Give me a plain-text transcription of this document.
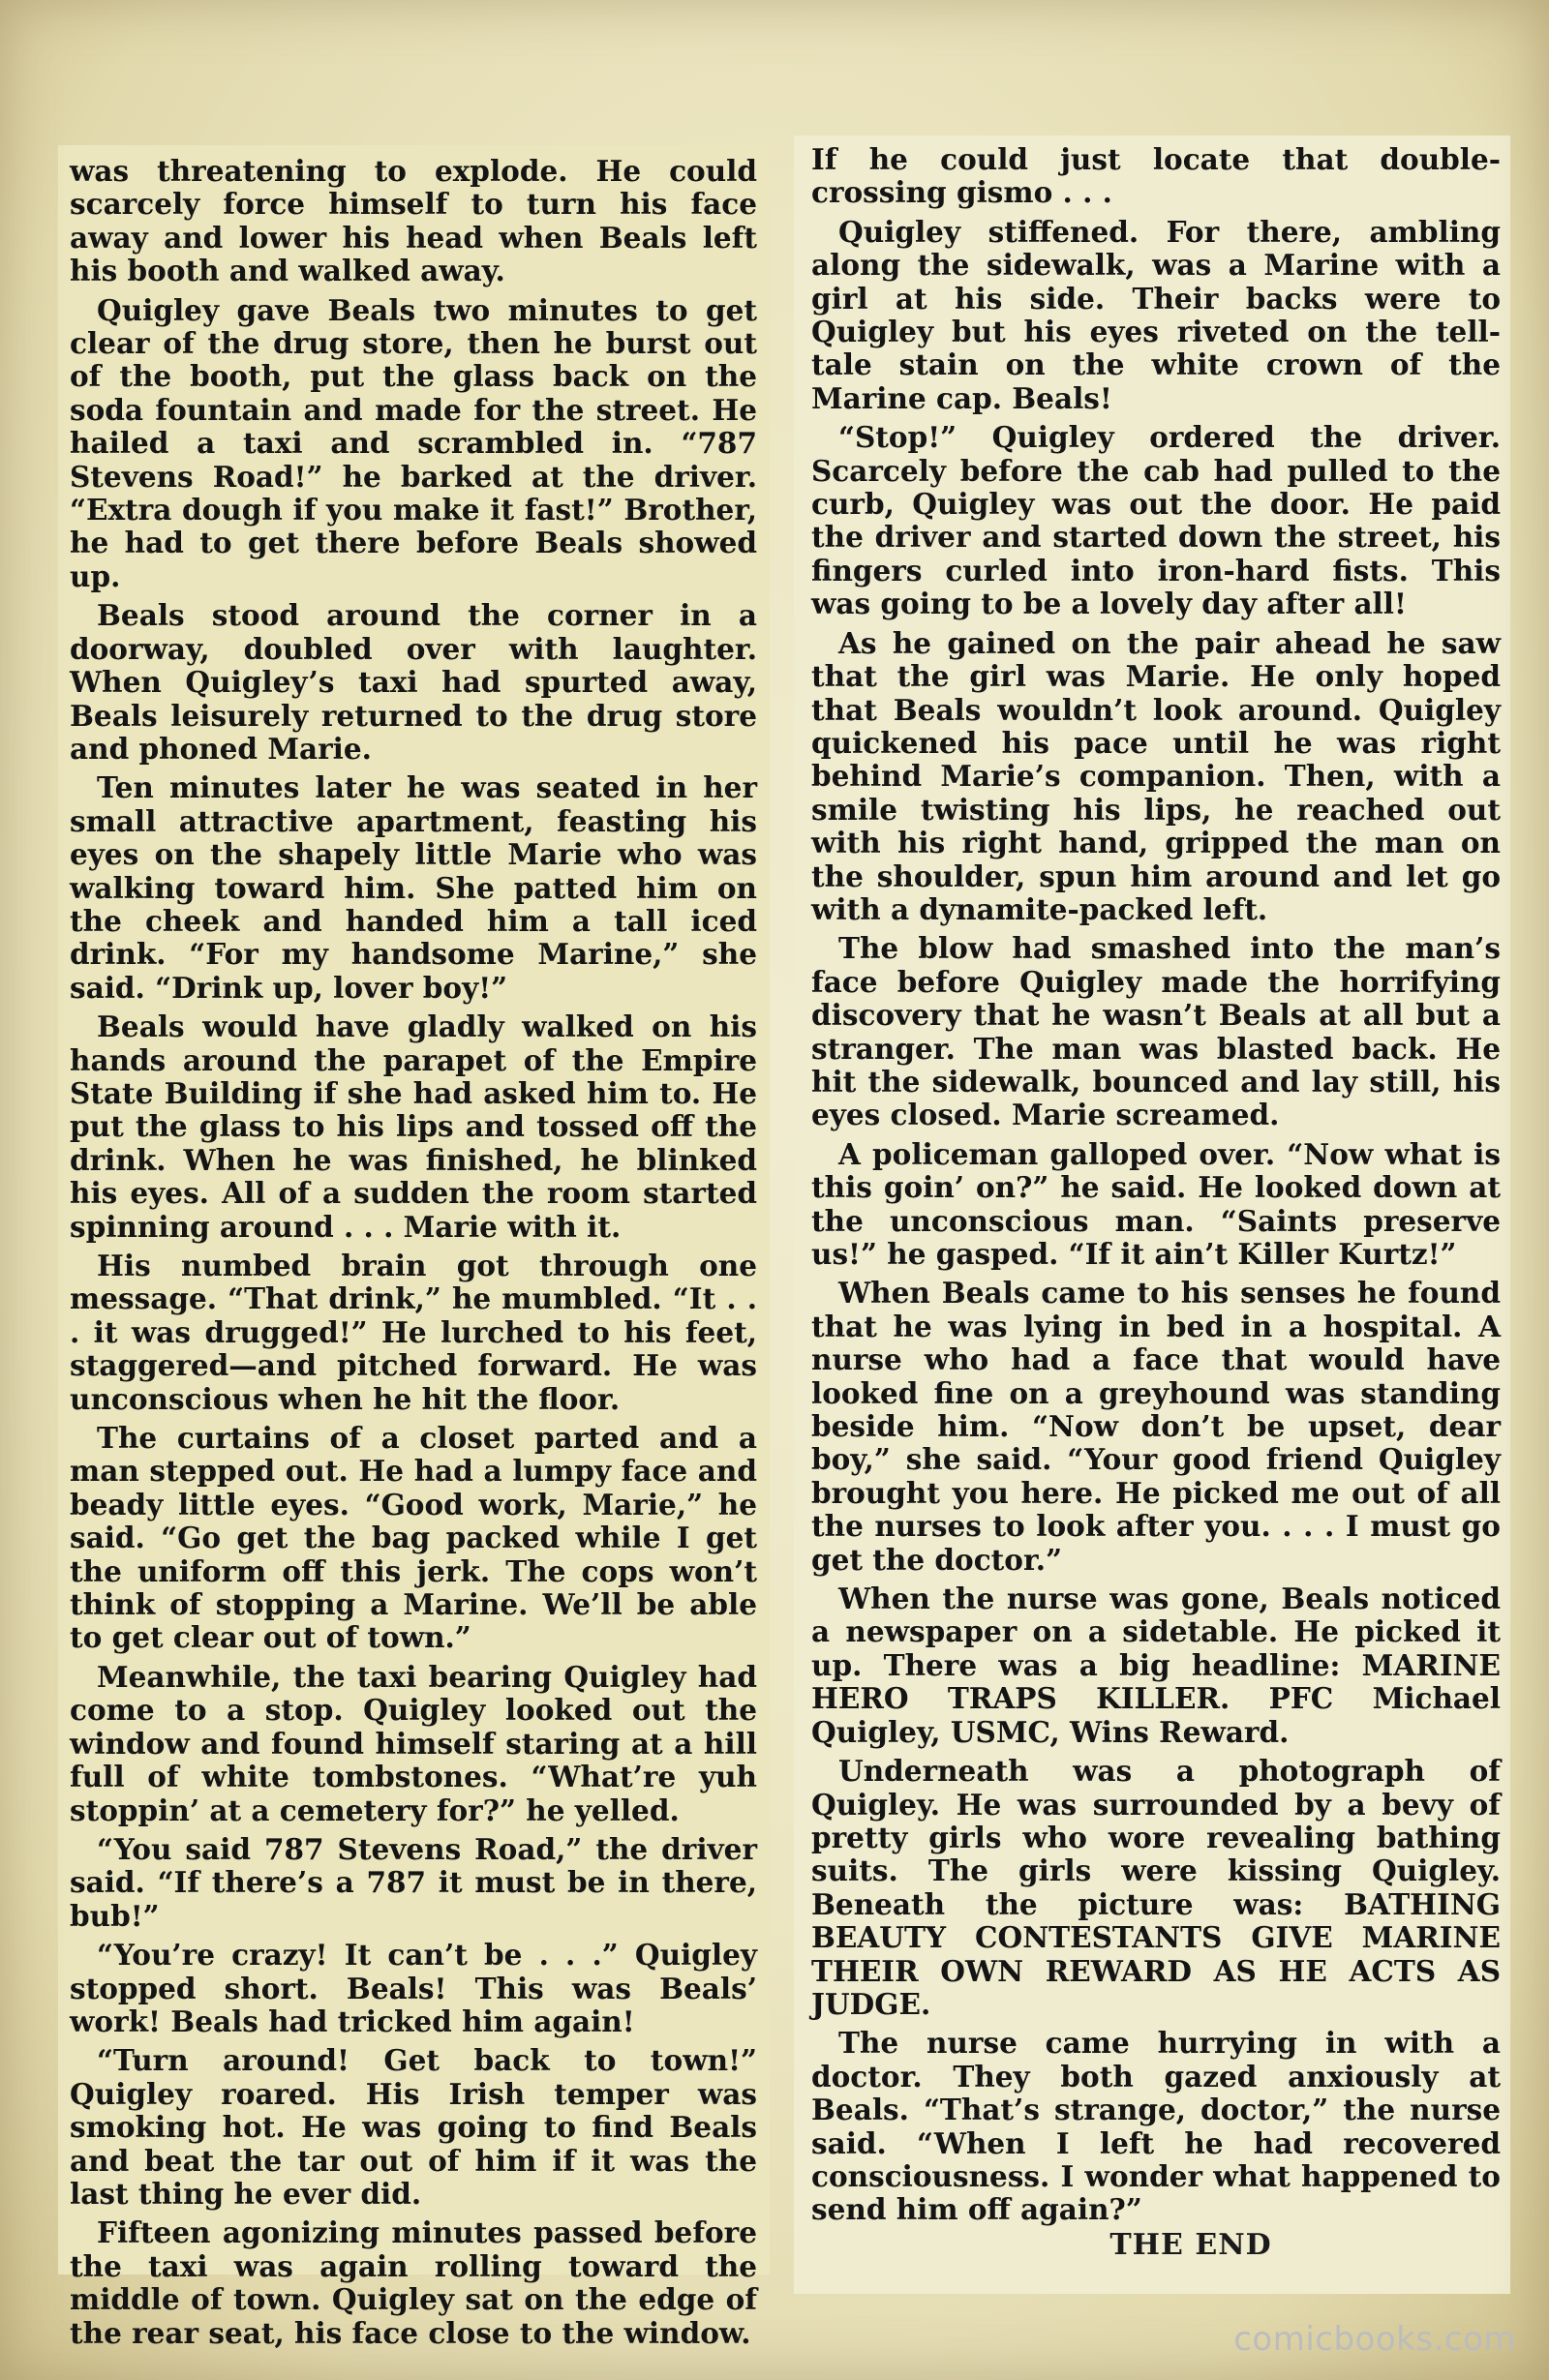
was threatening to explode. He could scarcely force himself to turn his face away and lower his head when Beals left his booth and walked away.

Quigley gave Beals two minutes to get clear of the drug store, then he burst out of the booth, put the glass back on the soda fountain and made for the street. He hailed a taxi and scrambled in. “787 Stevens Road!” he barked at the driver. “Extra dough if you make it fast!” Brother, he had to get there before Beals showed up.

Beals stood around the corner in a doorway, doubled over with laughter. When Quigley’s taxi had spurted away, Beals leisurely returned to the drug store and phoned Marie.

Ten minutes later he was seated in her small attractive apartment, feasting his eyes on the shapely little Marie who was walking toward him. She patted him on the cheek and handed him a tall iced drink. “For my handsome Marine,” she said. “Drink up, lover boy!”

Beals would have gladly walked on his hands around the parapet of the Empire State Building if she had asked him to. He put the glass to his lips and tossed off the drink. When he was finished, he blinked his eyes. All of a sudden the room started spinning around . . . Marie with it.

His numbed brain got through one message. “That drink,” he mumbled. “It . . . it was drugged!” He lurched to his feet, staggered—and pitched forward. He was unconscious when he hit the floor.

The curtains of a closet parted and a man stepped out. He had a lumpy face and beady little eyes. “Good work, Marie,” he said. “Go get the bag packed while I get the uniform off this jerk. The cops won’t think of stopping a Marine. We’ll be able to get clear out of town.”

Meanwhile, the taxi bearing Quigley had come to a stop. Quigley looked out the window and found himself staring at a hill full of white tombstones. “What’re yuh stoppin’ at a cemetery for?” he yelled.

“You said 787 Stevens Road,” the driver said. “If there’s a 787 it must be in there, bub!”

“You’re crazy! It can’t be . . .” Quigley stopped short. Beals! This was Beals’ work! Beals had tricked him again!

“Turn around! Get back to town!” Quigley roared. His Irish temper was smoking hot. He was going to find Beals and beat the tar out of him if it was the last thing he ever did.

Fifteen agonizing minutes passed before the taxi was again rolling toward the middle of town. Quigley sat on the edge of the rear seat, his face close to the window.

If he could just locate that double-crossing gismo . . .

Quigley stiffened. For there, ambling along the sidewalk, was a Marine with a girl at his side. Their backs were to Quigley but his eyes riveted on the tell-tale stain on the white crown of the Marine cap. Beals!

“Stop!” Quigley ordered the driver. Scarcely before the cab had pulled to the curb, Quigley was out the door. He paid the driver and started down the street, his fingers curled into iron-hard fists. This was going to be a lovely day after all!

As he gained on the pair ahead he saw that the girl was Marie. He only hoped that Beals wouldn’t look around. Quigley quickened his pace until he was right behind Marie’s companion. Then, with a smile twisting his lips, he reached out with his right hand, gripped the man on the shoulder, spun him around and let go with a dynamite-packed left.

The blow had smashed into the man’s face before Quigley made the horrifying discovery that he wasn’t Beals at all but a stranger. The man was blasted back. He hit the sidewalk, bounced and lay still, his eyes closed. Marie screamed.

A policeman galloped over. “Now what is this goin’ on?” he said. He looked down at the unconscious man. “Saints preserve us!” he gasped. “If it ain’t Killer Kurtz!”

When Beals came to his senses he found that he was lying in bed in a hospital. A nurse who had a face that would have looked fine on a greyhound was standing beside him. “Now don’t be upset, dear boy,” she said. “Your good friend Quigley brought you here. He picked me out of all the nurses to look after you. . . . I must go get the doctor.”

When the nurse was gone, Beals noticed a newspaper on a sidetable. He picked it up. There was a big headline: MARINE HERO TRAPS KILLER. PFC Michael Quigley, USMC, Wins Reward.

Underneath was a photograph of Quigley. He was surrounded by a bevy of pretty girls who wore revealing bathing suits. The girls were kissing Quigley. Beneath the picture was: BATHING BEAUTY CONTESTANTS GIVE MARINE THEIR OWN REWARD AS HE ACTS AS JUDGE.

The nurse came hurrying in with a doctor. They both gazed anxiously at Beals. “That’s strange, doctor,” the nurse said. “When I left he had recovered consciousness. I wonder what happened to send him off again?”

THE END
comicbooks.com
